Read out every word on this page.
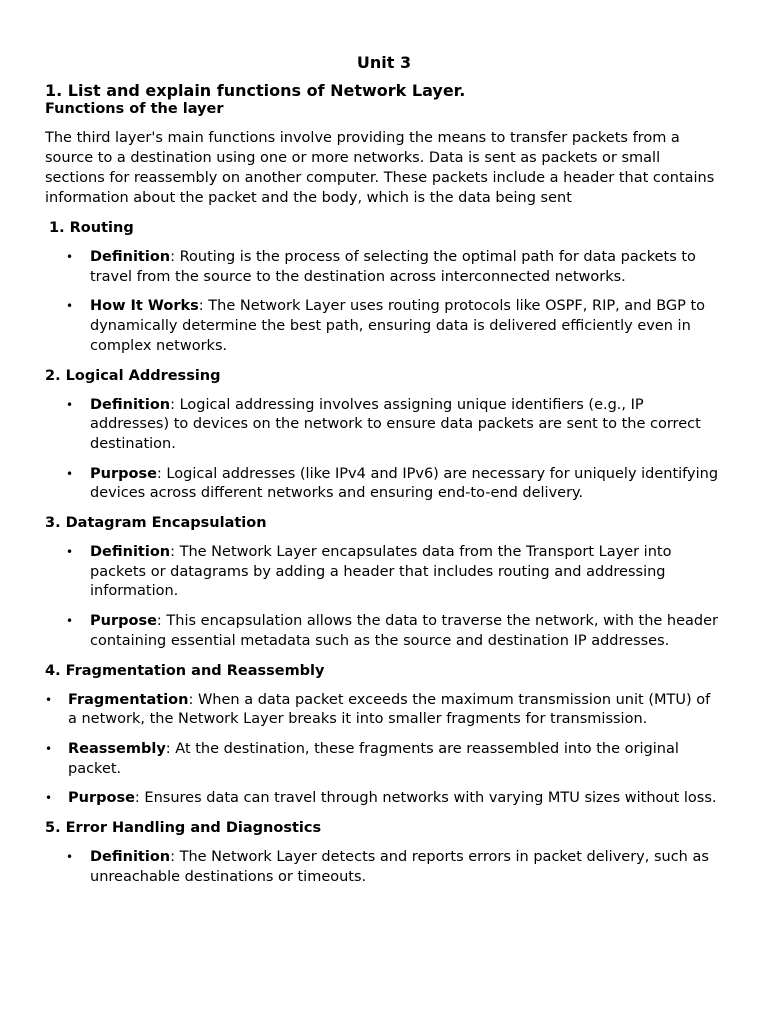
Unit 3
1. List and explain functions of Network Layer.
Functions of the layer

The third layer's main functions involve providing the means to transfer packets from a source to a destination using one or more networks. Data is sent as packets or small sections for reassembly on another computer. These packets include a header that contains information about the packet and the body, which is the data being sent

1. Routing
• Definition: Routing is the process of selecting the optimal path for data packets to travel from the source to the destination across interconnected networks.
• How It Works: The Network Layer uses routing protocols like OSPF, RIP, and BGP to dynamically determine the best path, ensuring data is delivered efficiently even in complex networks.
2. Logical Addressing
• Definition: Logical addressing involves assigning unique identifiers (e.g., IP addresses) to devices on the network to ensure data packets are sent to the correct destination.
• Purpose: Logical addresses (like IPv4 and IPv6) are necessary for uniquely identifying devices across different networks and ensuring end-to-end delivery.
3. Datagram Encapsulation
• Definition: The Network Layer encapsulates data from the Transport Layer into packets or datagrams by adding a header that includes routing and addressing information.
• Purpose: This encapsulation allows the data to traverse the network, with the header containing essential metadata such as the source and destination IP addresses.
4. Fragmentation and Reassembly
• Fragmentation: When a data packet exceeds the maximum transmission unit (MTU) of a network, the Network Layer breaks it into smaller fragments for transmission.
• Reassembly: At the destination, these fragments are reassembled into the original packet.
• Purpose: Ensures data can travel through networks with varying MTU sizes without loss.
5. Error Handling and Diagnostics
• Definition: The Network Layer detects and reports errors in packet delivery, such as unreachable destinations or timeouts.
